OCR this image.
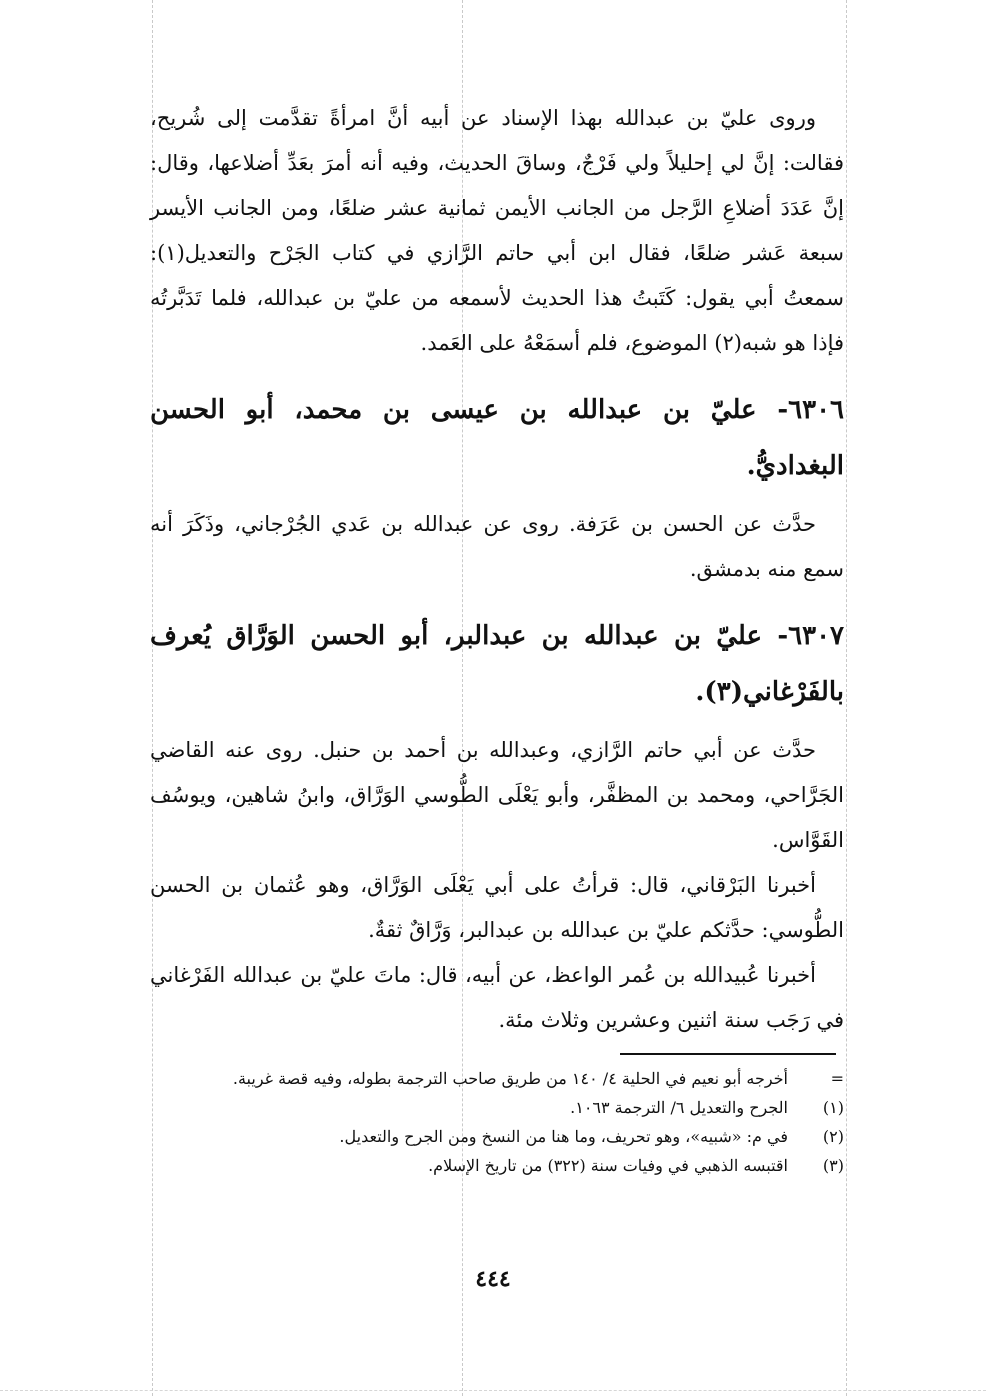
وروى عليّ بن عبدالله بهذا الإسناد عن أبيه أنَّ امرأةً تقدَّمت إلى شُريح، فقالت: إنَّ لي إحليلاً ولي فَرْجٌ، وساقَ الحديث، وفيه أنه أمرَ بعَدِّ أضلاعها، وقال: إنَّ عَدَدَ أضلاعِ الرَّجل من الجانب الأيمن ثمانية عشر ضلعًا، ومن الجانب الأيسر سبعة عَشر ضلعًا، فقال ابن أبي حاتم الرَّازي في كتاب الجَرْح والتعديل(١): سمعتُ أبي يقول: كَتَبتُ هذا الحديث لأسمعه من عليّ بن عبدالله، فلما تَدَبَّرتُه فإذا هو شبه(٢) الموضوع، فلم أسمَعْهُ على العَمد.

٦٣٠٦- عليّ بن عبدالله بن عيسى بن محمد، أبو الحسن البغداديُّ.

حدَّث عن الحسن بن عَرَفة. روى عن عبدالله بن عَدي الجُرْجاني، وذَكَرَ أنه سمع منه بدمشق.

٦٣٠٧- عليّ بن عبدالله بن عبدالبر، أبو الحسن الوَرَّاق يُعرف بالفَرْغاني(٣).

حدَّث عن أبي حاتم الرَّازي، وعبدالله بن أحمد بن حنبل. روى عنه القاضي الجَرَّاحي، ومحمد بن المظفَّر، وأبو يَعْلَى الطُّوسي الوَرَّاق، وابنُ شاهين، ويوسُف القَوَّاس.

أخبرنا البَرْقاني، قال: قرأتُ على أبي يَعْلَى الوَرَّاق، وهو عُثمان بن الحسن الطُّوسي: حدَّثكم عليّ بن عبدالله بن عبدالبر، وَرَّاقٌ ثقةٌ.

أخبرنا عُبيدالله بن عُمر الواعظ، عن أبيه، قال: ماتَ عليّ بن عبدالله الفَرْغاني في رَجَب سنة اثنين وعشرين وثلاث مئة.

=
أخرجه أبو نعيم في الحلية ٤/ ١٤٠ من طريق صاحب الترجمة بطوله، وفيه قصة غريبة.
(١)
الجرح والتعديل ٦/ الترجمة ١٠٦٣.
(٢)
في م: «شبيه»، وهو تحريف، وما هنا من النسخ ومن الجرح والتعديل.
(٣)
اقتبسه الذهبي في وفيات سنة (٣٢٢) من تاريخ الإسلام.
٤٤٤
